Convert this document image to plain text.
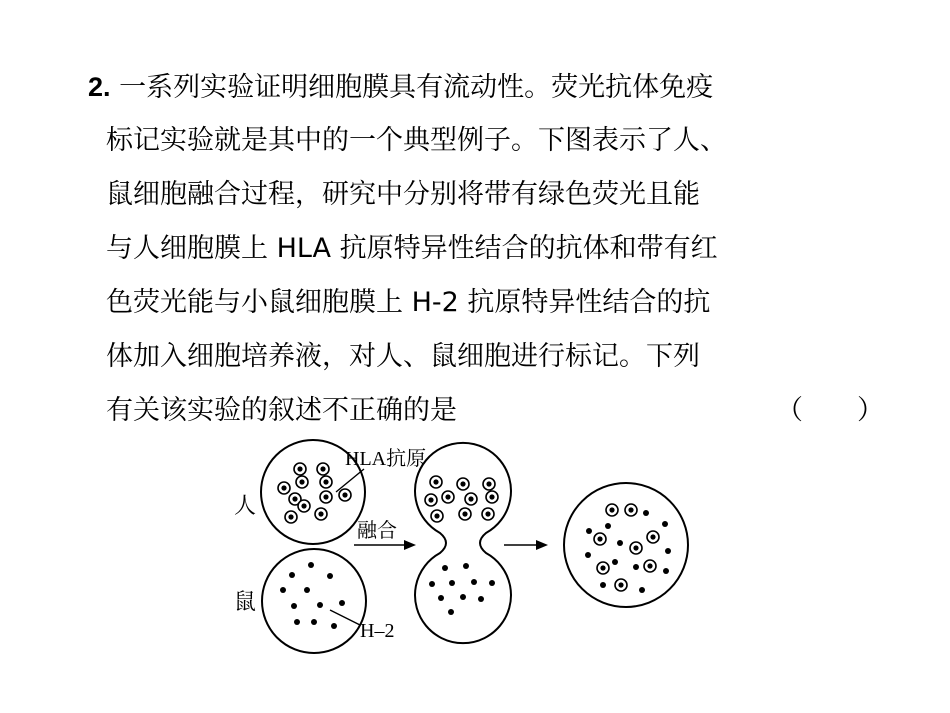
2. 一系列实验证明细胞膜具有流动性。荧光抗体免疫
标记实验就是其中的一个典型例子。下图表示了人、
鼠细胞融合过程，研究中分别将带有绿色荧光且能
与人细胞膜上 HLA 抗原特异性结合的抗体和带有红
色荧光能与小鼠细胞膜上 H-2 抗原特异性结合的抗
体加入细胞培养液，对人、鼠细胞进行标记。下列
有关该实验的叙述不正确的是	（　　）
HLA抗原
H–2
人
鼠
融合
